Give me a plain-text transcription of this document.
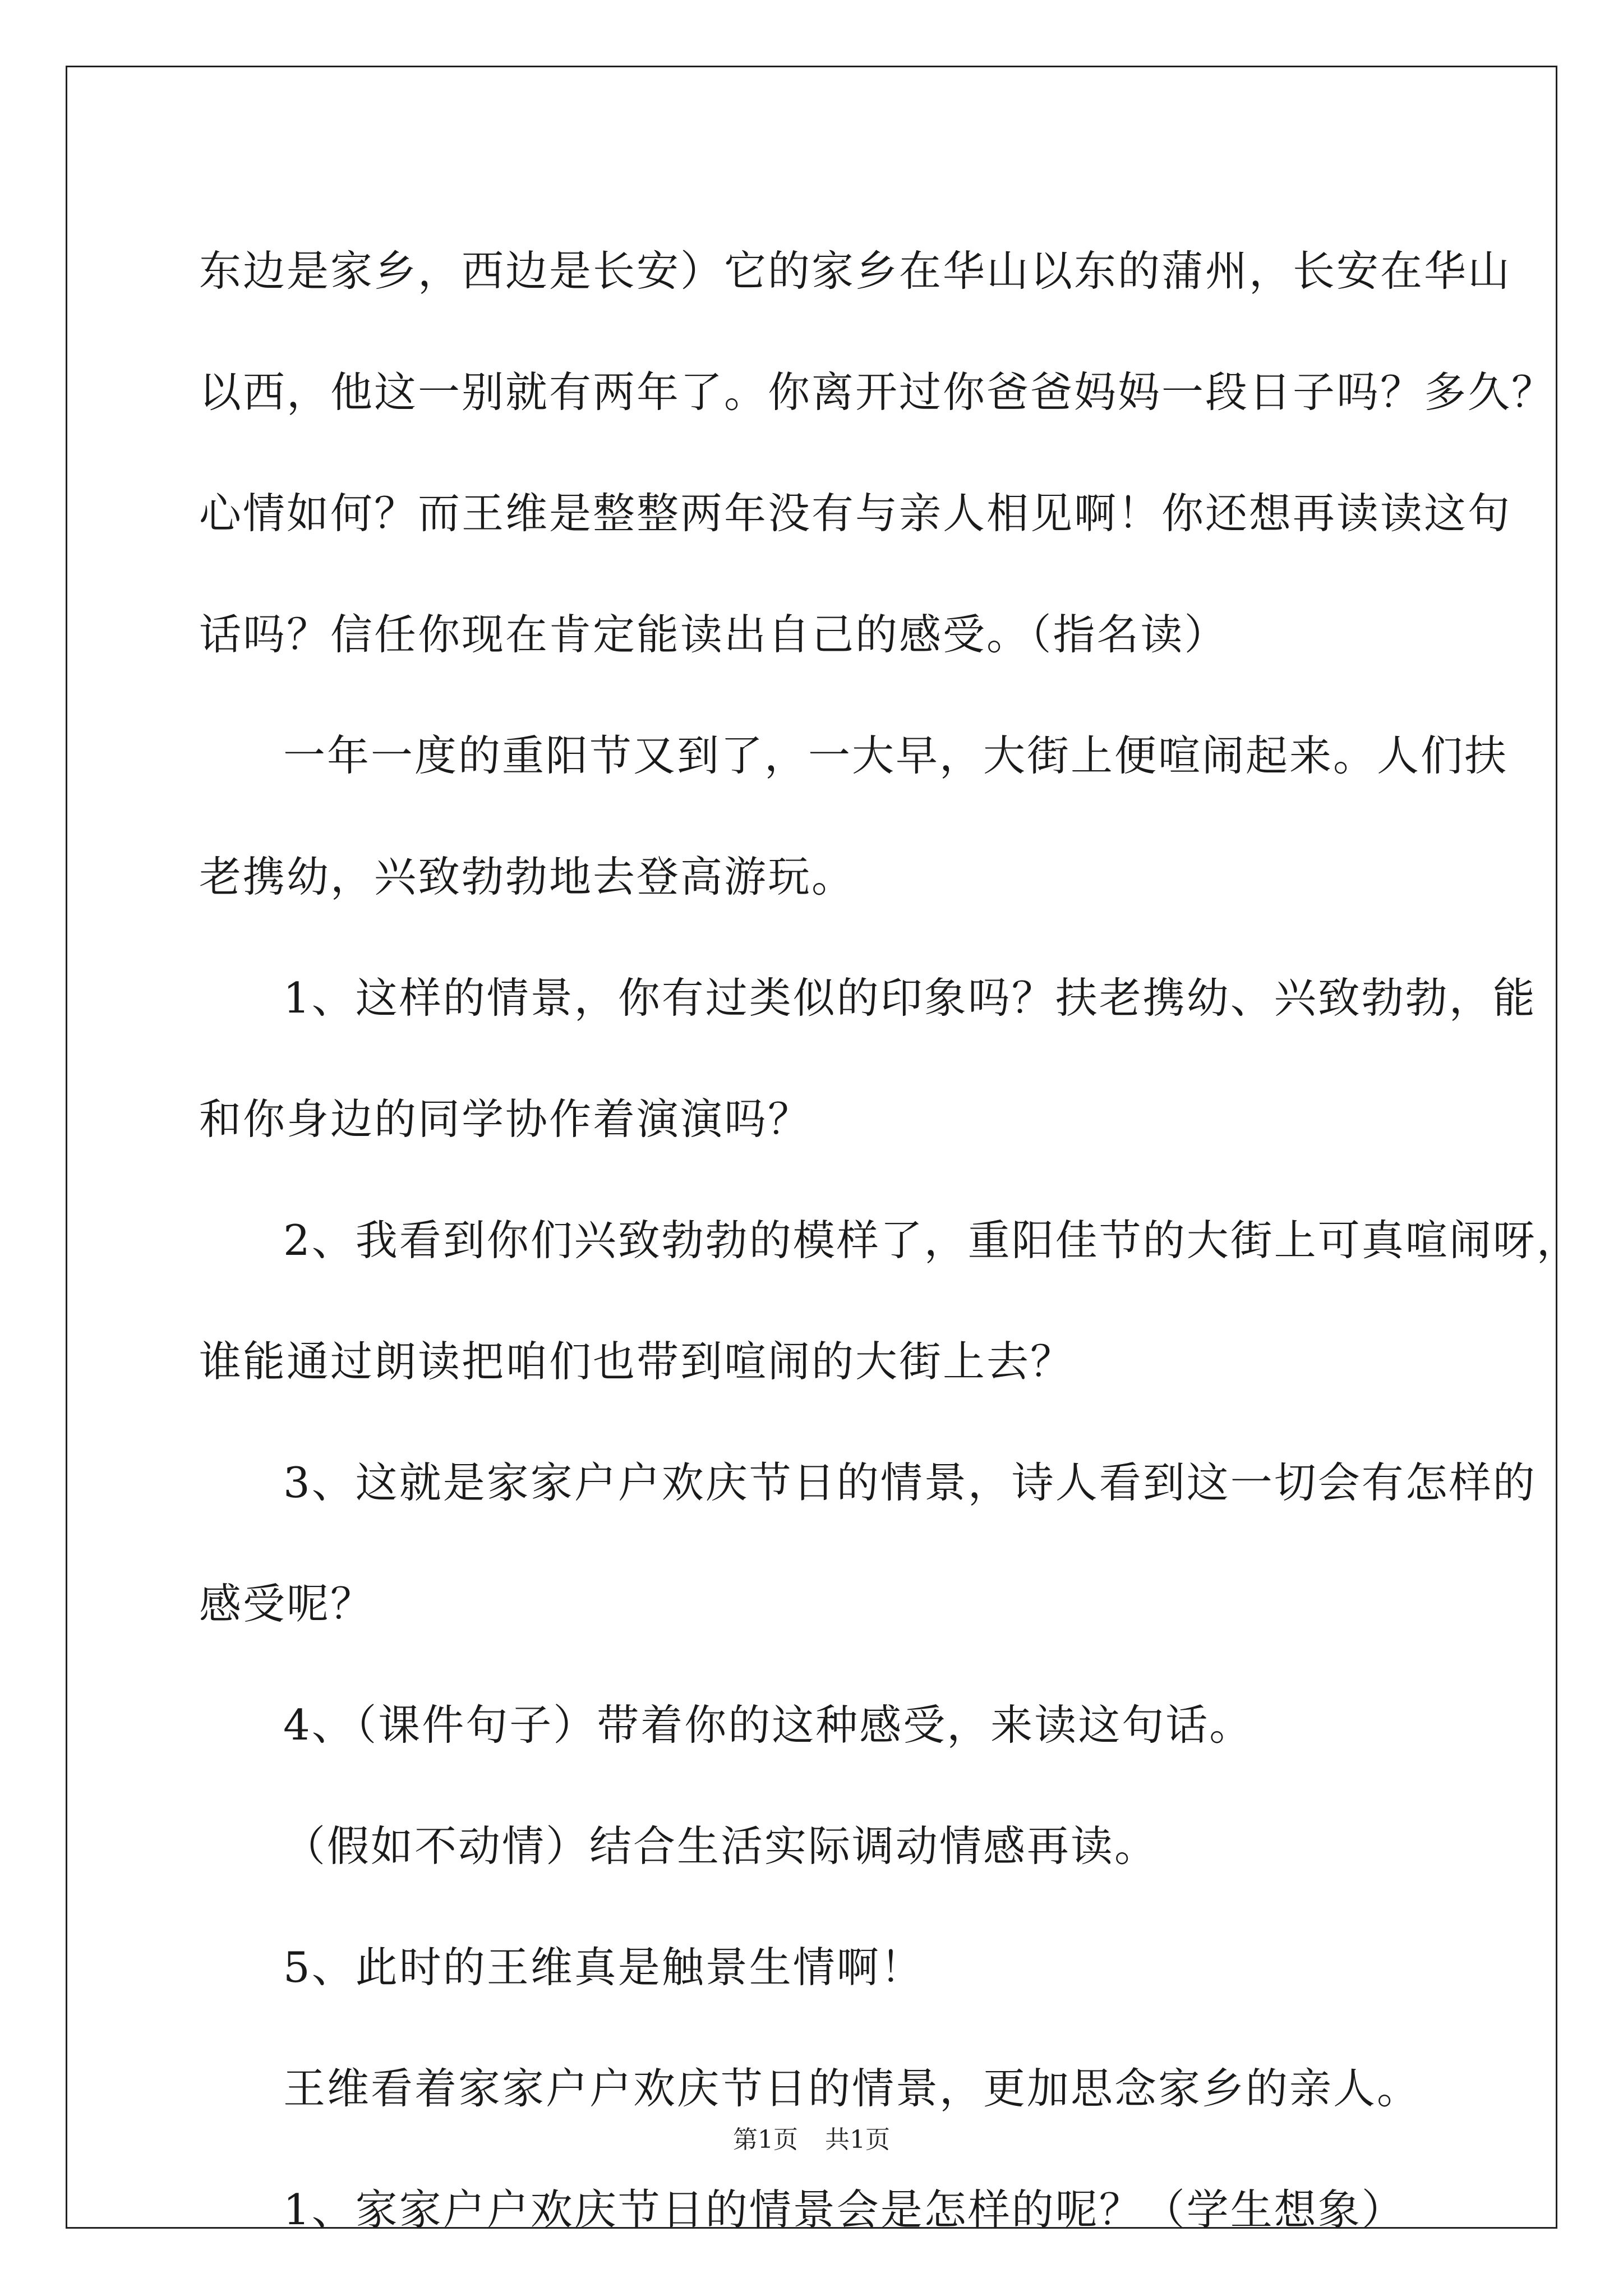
东边是家乡，西边是长安）它的家乡在华山以东的蒲州，长安在华山

以西，他这一别就有两年了。你离开过你爸爸妈妈一段日子吗？多久？

心情如何？而王维是整整两年没有与亲人相见啊！你还想再读读这句

话吗？信任你现在肯定能读出自己的感受。（指名读）

一年一度的重阳节又到了，一大早，大街上便喧闹起来。人们扶

老携幼，兴致勃勃地去登高游玩。

1、这样的情景，你有过类似的印象吗？扶老携幼、兴致勃勃，能

和你身边的同学协作着演演吗？

2、我看到你们兴致勃勃的模样了，重阳佳节的大街上可真喧闹呀，

谁能通过朗读把咱们也带到喧闹的大街上去？

3、这就是家家户户欢庆节日的情景，诗人看到这一切会有怎样的

感受呢？

4、（课件句子）带着你的这种感受，来读这句话。

（假如不动情）结合生活实际调动情感再读。

5、此时的王维真是触景生情啊！

王维看着家家户户欢庆节日的情景，更加思念家乡的亲人。

1、家家户户欢庆节日的情景会是怎样的呢？（学生想象）

第1页 共1页
